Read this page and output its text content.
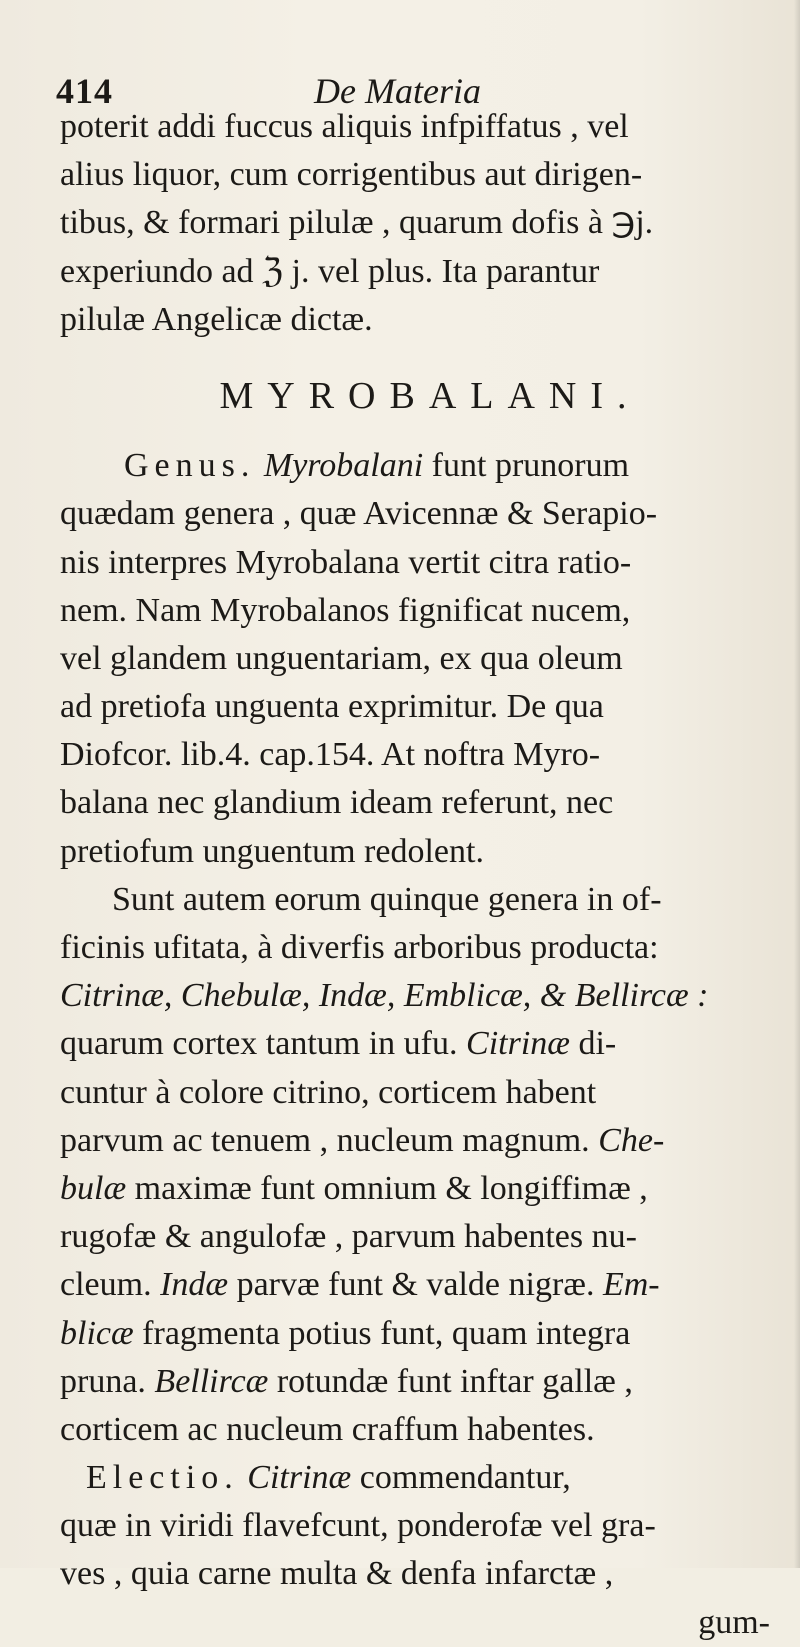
414	De Materia
poterit addi fuccus aliquis infpiffatus , vel
alius liquor, cum corrigentibus aut dirigen-
tibus, & formari pilulæ , quarum dofis à ℈j.
experiundo ad ℨ j. vel plus. Ita parantur
pilulæ Angelicæ dictæ.
MYROBALANI.
Genus. Myrobalani funt prunorum
quædam genera , quæ Avicennæ & Serapio-
nis interpres Myrobalana vertit citra ratio-
nem. Nam Myrobalanos fignificat nucem,
vel glandem unguentariam, ex qua oleum
ad pretiofa unguenta exprimitur. De qua
Diofcor. lib.4. cap.154. At noftra Myro-
balana nec glandium ideam referunt, nec
pretiofum unguentum redolent.
Sunt autem eorum quinque genera in of-
ficinis ufitata, à diverfis arboribus producta:
Citrinæ, Chebulæ, Indæ, Emblicæ, & Bellircæ :
quarum cortex tantum in ufu. Citrinæ di-
cuntur à colore citrino, corticem habent
parvum ac tenuem , nucleum magnum. Che-
bulæ maximæ funt omnium & longiffimæ ,
rugofæ & angulofæ , parvum habentes nu-
cleum. Indæ parvæ funt & valde nigræ. Em-
blicæ fragmenta potius funt, quam integra
pruna. Bellircæ rotundæ funt inftar gallæ ,
corticem ac nucleum craffum habentes.
Electio. Citrinæ commendantur,
quæ in viridi flavefcunt, ponderofæ vel gra-
ves , quia carne multa & denfa infarctæ ,
gum-
